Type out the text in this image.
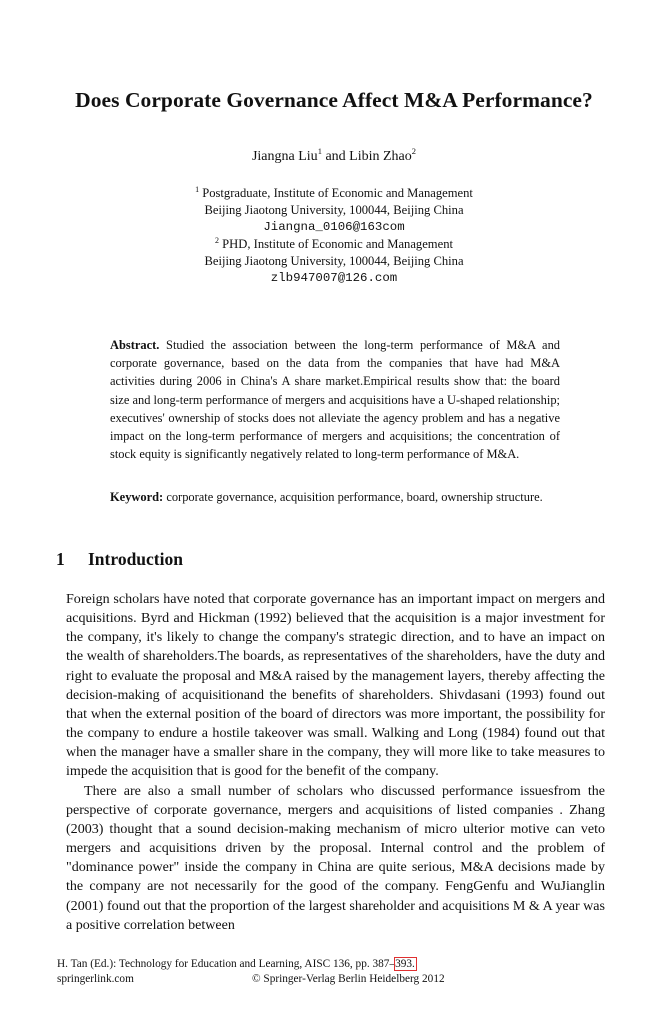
Does Corporate Governance Affect M&A Performance?
Jiangna Liu$^1$ and Libin Zhao$^2$
$^1$ Postgraduate, Institute of Economic and Management
Beijing Jiaotong University, 100044, Beijing China
Jiangna_0106@163com
$^2$ PHD, Institute of Economic and Management
Beijing Jiaotong University, 100044, Beijing China
zlb947007@126.com
Abstract. Studied the association between the long-term performance of M&A and corporate governance, based on the data from the companies that have had M&A activities during 2006 in China's A share market.Empirical results show that: the board size and long-term performance of mergers and acquisitions have a U-shaped relationship; executives' ownership of stocks does not alleviate the agency problem and has a negative impact on the long-term performance of mergers and acquisitions; the concentration of stock equity is significantly negatively related to long-term performance of M&A.
Keyword: corporate governance, acquisition performance, board, ownership structure.
1 Introduction

Foreign scholars have noted that corporate governance has an important impact on mergers and acquisitions. Byrd and Hickman (1992) believed that the acquisition is a major investment for the company, it's likely to change the company's strategic direction, and to have an impact on the wealth of shareholders.The boards, as representatives of the shareholders, have the duty and right to evaluate the proposal and M&A raised by the management layers, thereby affecting the decision-making of acquisitionand the benefits of shareholders. Shivdasani (1993) found out that when the external position of the board of directors was more important, the possibility for the company to endure a hostile takeover was small. Walking and Long (1984) found out that when the manager have a smaller share in the company, they will more like to take measures to impede the acquisition that is good for the benefit of the company.

There are also a small number of scholars who discussed performance issuesfrom the perspective of corporate governance, mergers and acquisitions of listed companies . Zhang (2003) thought that a sound decision-making mechanism of micro ulterior motive can veto mergers and acquisitions driven by the proposal. Internal control and the problem of "dominance power" inside the company in China are quite serious, M&A decisions made by the company are not necessarily for the good of the company. FengGenfu and WuJianglin (2001) found out that the proportion of the largest shareholder and acquisitions M & A year was a positive correlation between

H. Tan (Ed.): Technology for Education and Learning, AISC 136, pp. 387–393.
springerlink.com	© Springer-Verlag Berlin Heidelberg 2012
